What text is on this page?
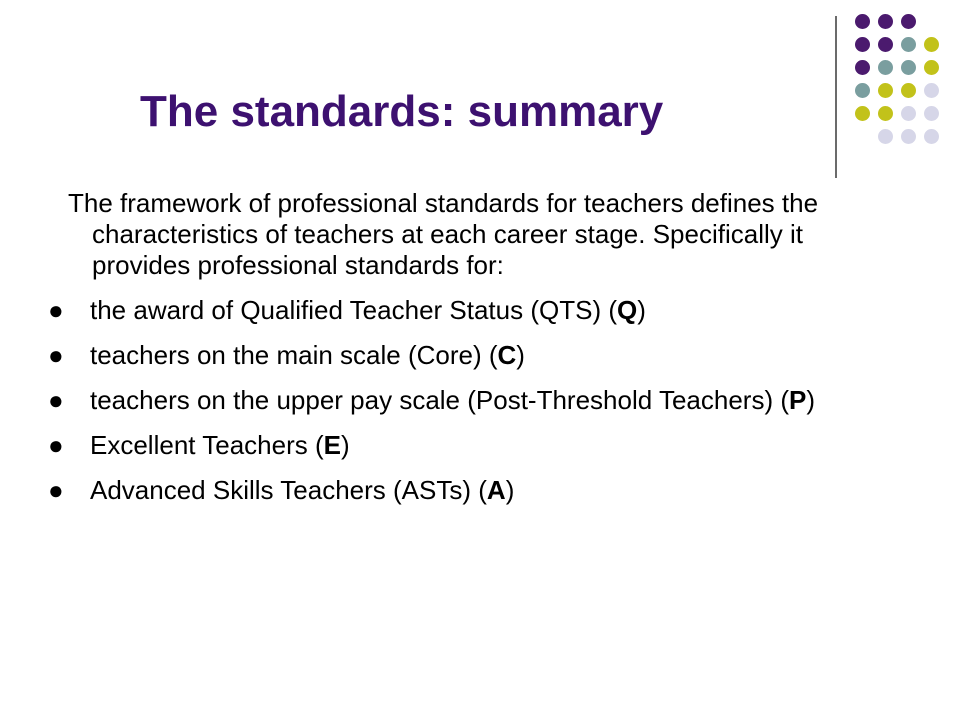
The standards: summary

The framework of professional standards for teachers defines the characteristics of teachers at each career stage. Specifically it provides professional standards for:

● the award of Qualified Teacher Status (QTS) (Q)

● teachers on the main scale (Core) (C)

● teachers on the upper pay scale (Post-Threshold Teachers) (P)

● Excellent Teachers (E)

● Advanced Skills Teachers (ASTs) (A)
